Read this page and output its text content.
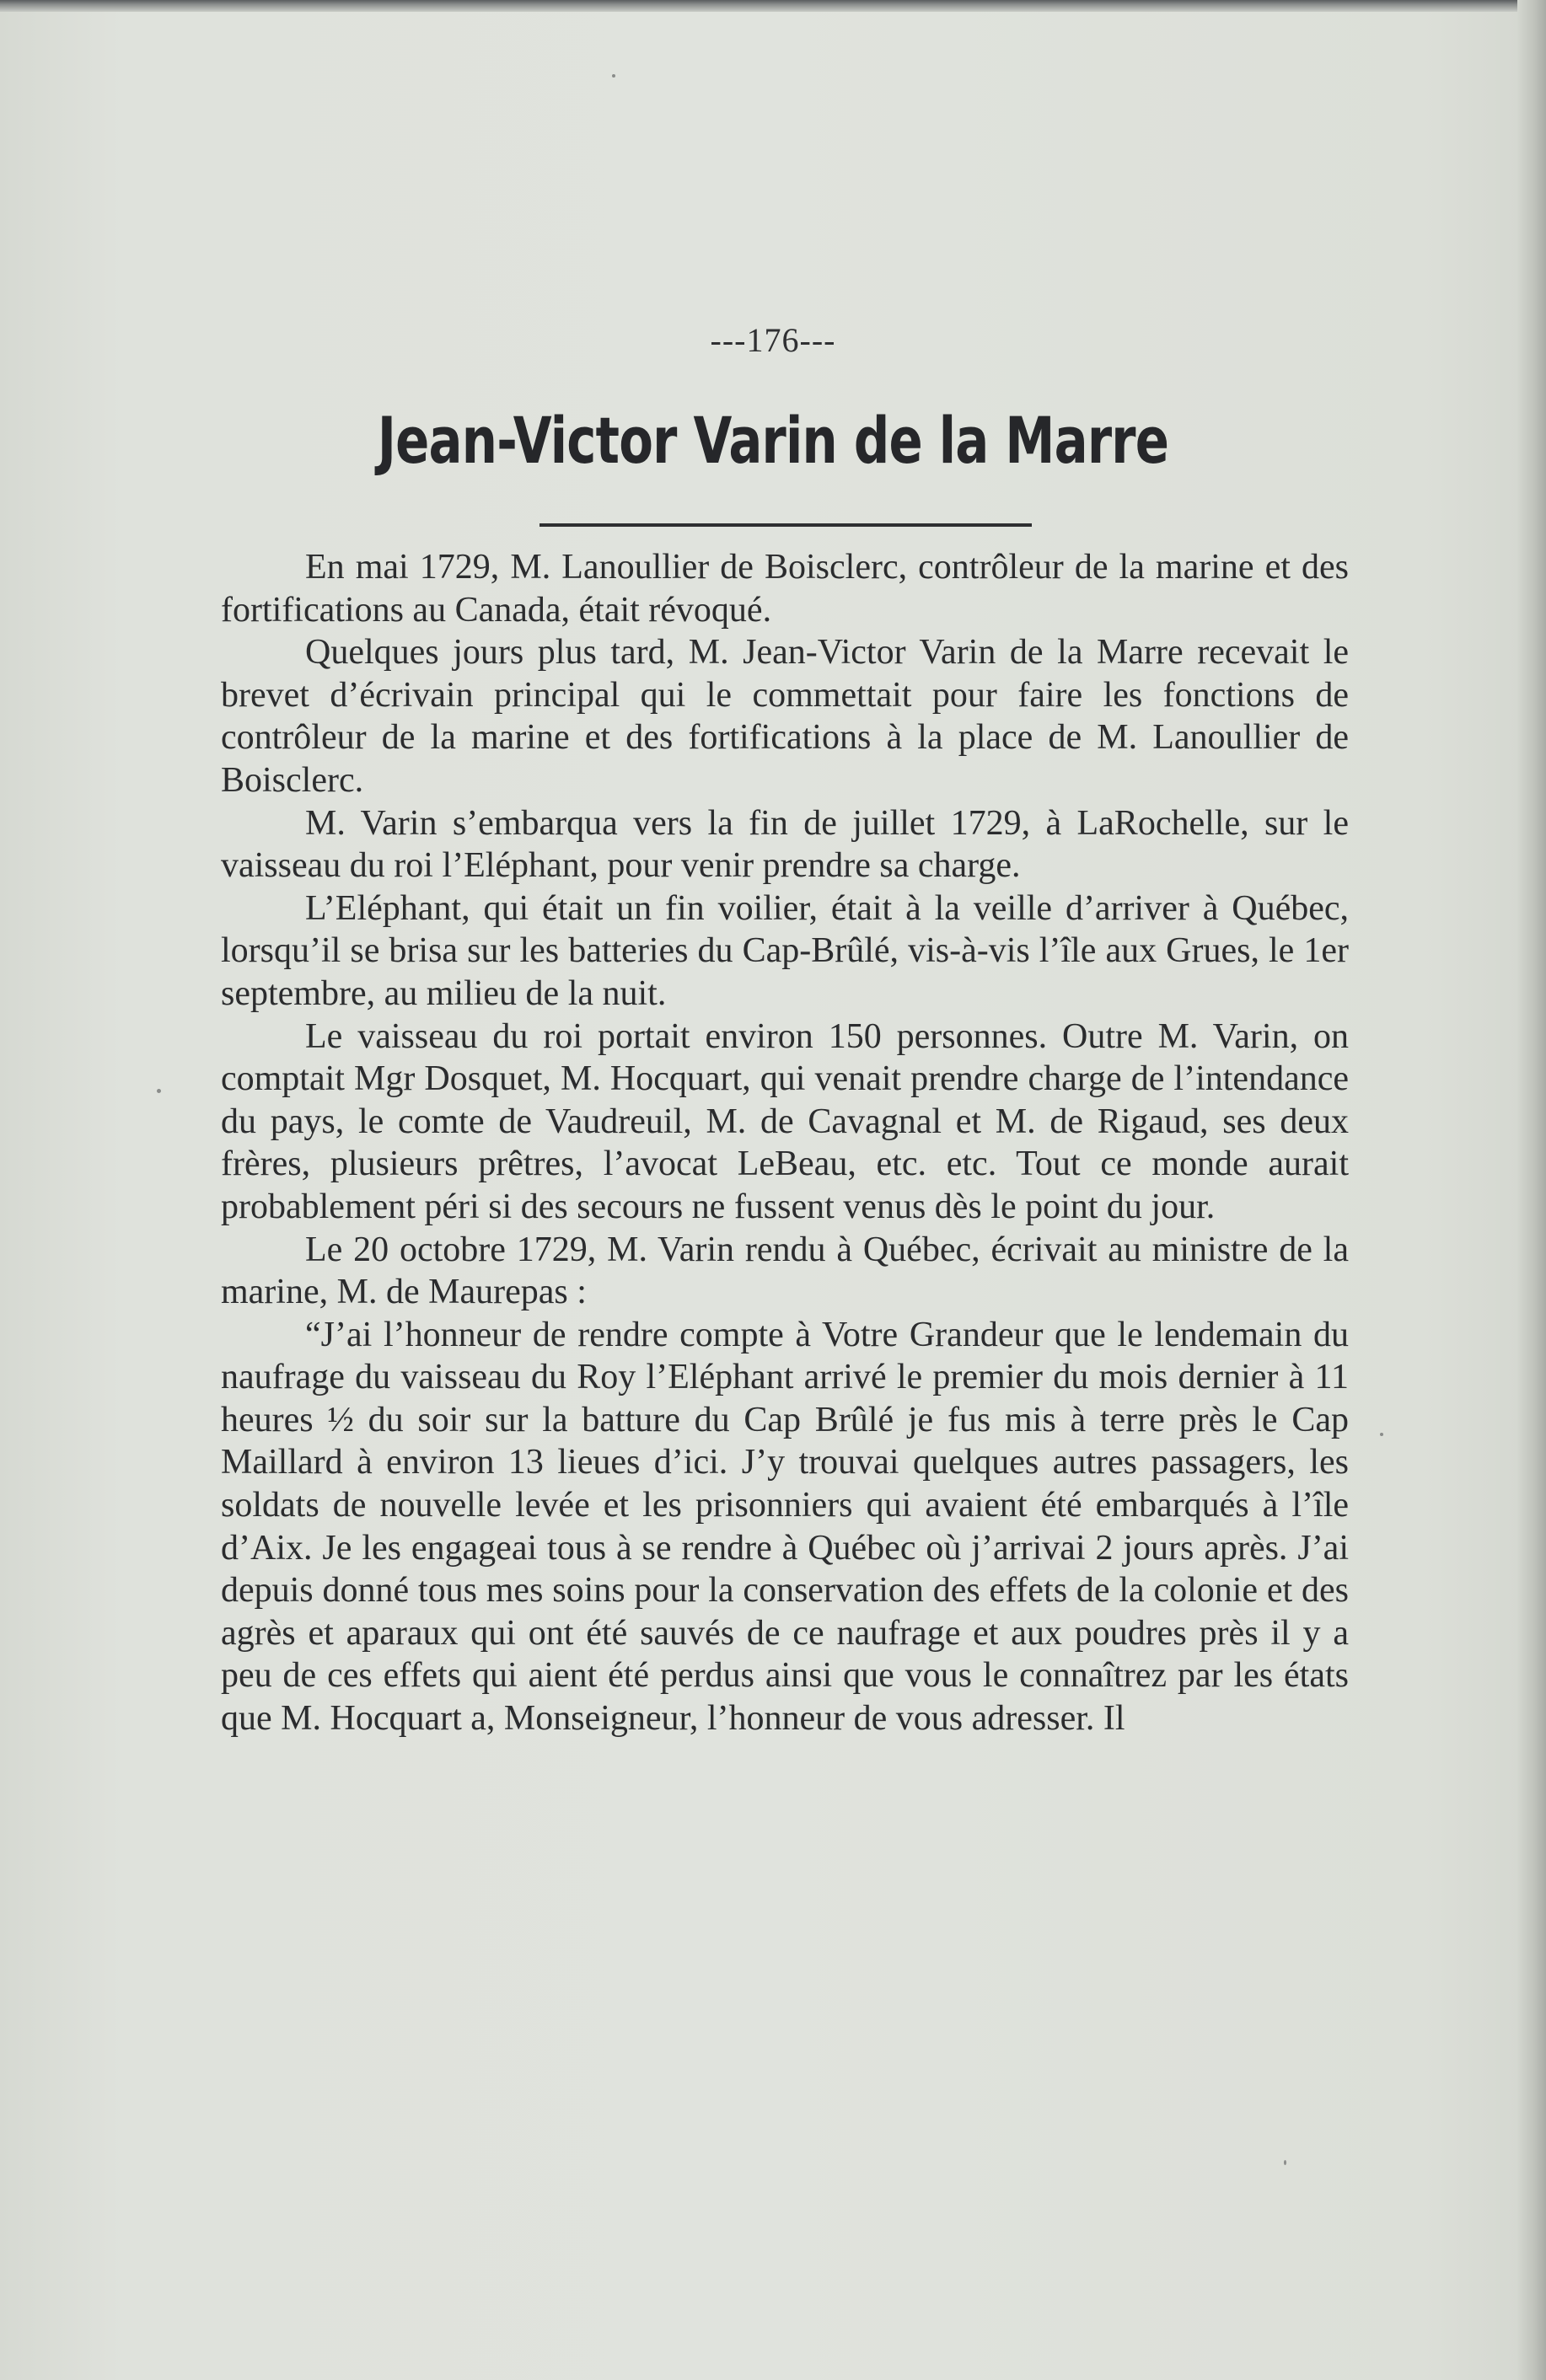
---176---
Jean-Victor Varin de la Marre

En mai 1729, M. Lanoullier de Boisclerc, contrôleur de la marine et des fortifications au Canada, était révoqué.

Quelques jours plus tard, M. Jean-Victor Varin de la Marre recevait le brevet d’écrivain principal qui le commettait pour faire les fonctions de contrôleur de la marine et des fortifications à la place de M. Lanoullier de Boisclerc.

M. Varin s’embarqua vers la fin de juillet 1729, à LaRochelle, sur le vaisseau du roi l’Eléphant, pour venir prendre sa charge.

L’Eléphant, qui était un fin voilier, était à la veille d’arriver à Québec, lorsqu’il se brisa sur les batteries du Cap-Brûlé, vis-à-vis l’île aux Grues, le 1er septembre, au milieu de la nuit.

Le vaisseau du roi portait environ 150 personnes. Outre M. Varin, on comptait Mgr Dosquet, M. Hocquart, qui venait prendre charge de l’intendance du pays, le comte de Vaudreuil, M. de Cavagnal et M. de Rigaud, ses deux frères, plusieurs prêtres, l’avocat LeBeau, etc. etc. Tout ce monde aurait probablement péri si des secours ne fussent venus dès le point du jour.

Le 20 octobre 1729, M. Varin rendu à Québec, écrivait au ministre de la marine, M. de Maurepas :

“J’ai l’honneur de rendre compte à Votre Grandeur que le lendemain du naufrage du vaisseau du Roy l’Eléphant arrivé le premier du mois dernier à 11 heures ½ du soir sur la batture du Cap Brûlé je fus mis à terre près le Cap Maillard à environ 13 lieues d’ici. J’y trouvai quelques autres passagers, les soldats de nouvelle levée et les prisonniers qui avaient été embarqués à l’île d’Aix. Je les engageai tous à se rendre à Québec où j’arrivai 2 jours après. J’ai depuis donné tous mes soins pour la conservation des effets de la colonie et des agrès et aparaux qui ont été sauvés de ce naufrage et aux poudres près il y a peu de ces effets qui aient été perdus ainsi que vous le connaîtrez par les états que M. Hocquart a, Monseigneur, l’honneur de vous adresser. Il
